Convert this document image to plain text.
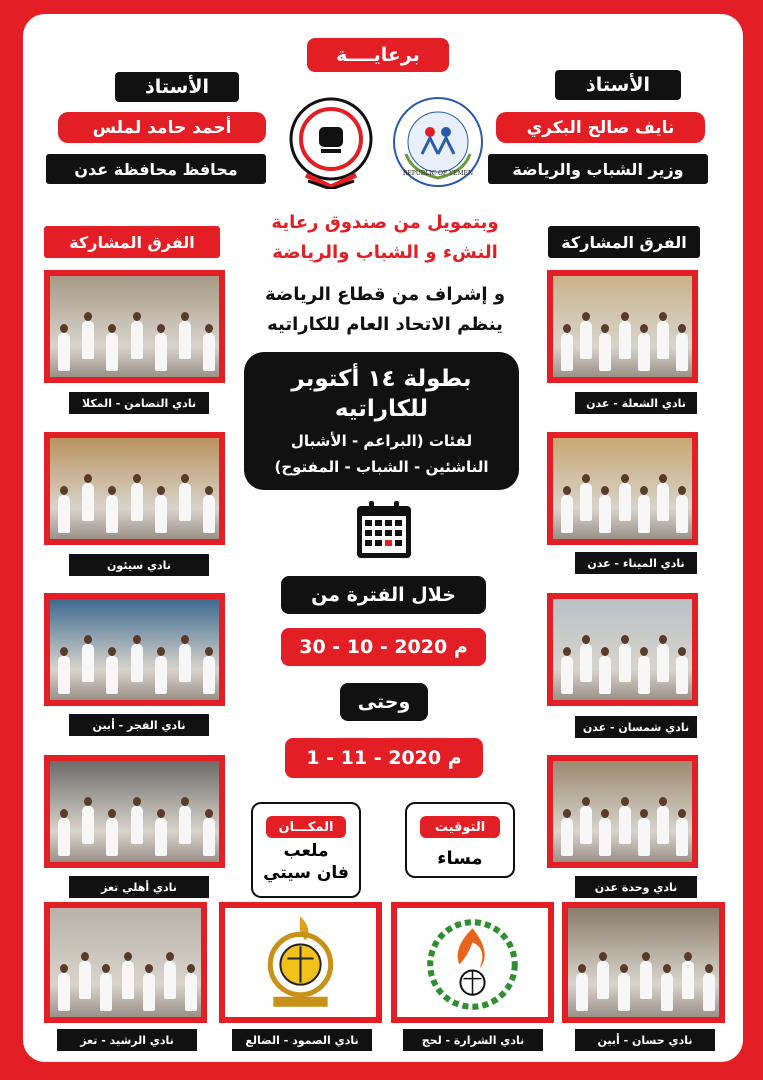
برعايــــة
الأستاذ
نايف صالح البكري
وزير الشباب والرياضة
الأستاذ
أحمد حامد لملس
محافظ محافظة عدن	REPUBLIC OF YEMEN
الفرق المشاركة
الفرق المشاركة
وبتمويل من صندوق رعاية
النشء و الشباب والرياضة
و إشراف من قطاع الرياضة
ينظم الاتحاد العام للكاراتيه
بطولة ١٤ أكتوبر
للكاراتيه
لفئات (البراعم - الأشبال
الناشئين - الشباب - المفتوح)
خلال الفترة من
30 - 10 - 2020 م
وحتى
1 - 11 - 2020 م
المكـــان
ملعب
فان سيتي
التوقيت
مساء
نادي الشعلة - عدن
نادي الميناء - عدن
نادي شمسان - عدن
نادي وحدة عدن
نادي التضامن - المكلا
نادي سيئون
نادي الفجر - أبين
نادي أهلي تعز
نادي حسان - أبين
نادي الشرارة - لحج
نادي الصمود - الضالع
نادي الرشيد - تعز
